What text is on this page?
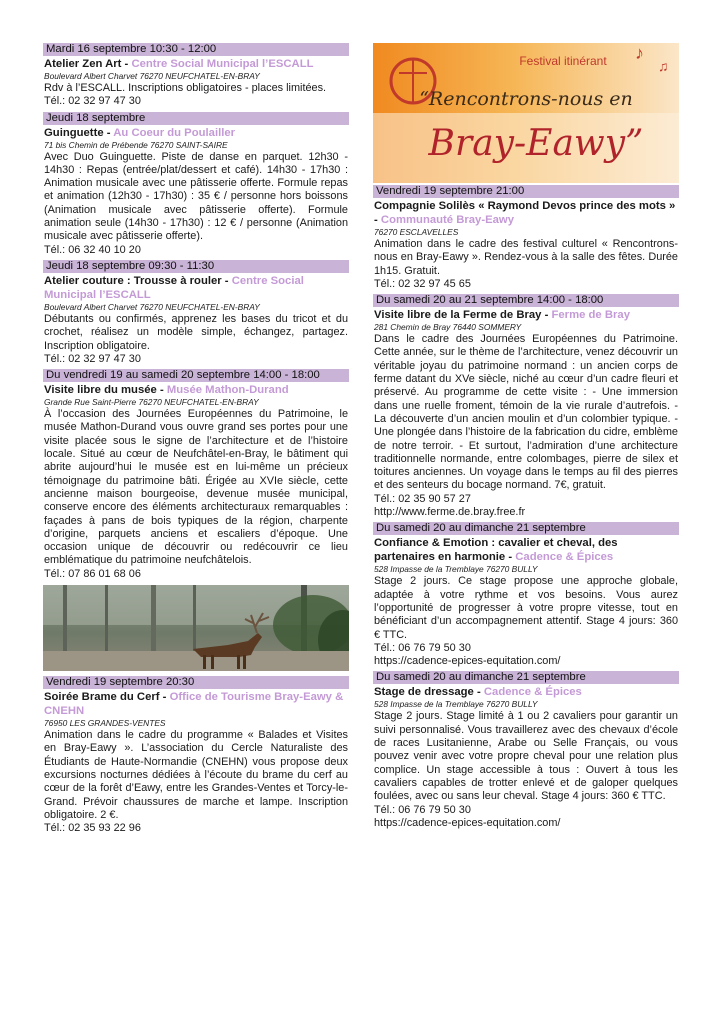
Mardi 16 septembre 10:30 - 12:00
Atelier Zen Art - Centre Social Municipal l’ESCALL
Boulevard Albert Charvet 76270 NEUFCHATEL-EN-BRAY
Rdv à l’ESCALL. Inscriptions obligatoires - places limitées.
Tél.: 02 32 97 47 30
Jeudi 18 septembre
Guinguette - Au Coeur du Poulailler
71 bis Chemin de Prébende 76270 SAINT-SAIRE
Avec Duo Guinguette. Piste de danse en parquet. 12h30 - 14h30 : Repas (entrée/plat/dessert et café). 14h30 - 17h30 : Animation musicale avec une pâtisserie offerte. Formule repas et animation (12h30 - 17h30) : 35 € / personne hors boissons (Animation musicale avec pâtisserie offerte). Formule animation seule (14h30 - 17h30) : 12 € / personne (Animation musicale avec pâtisserie offerte).
Tél.: 06 32 40 10 20
Jeudi 18 septembre 09:30 - 11:30
Atelier couture : Trousse à rouler - Centre Social Municipal l’ESCALL
Boulevard Albert Charvet 76270 NEUFCHATEL-EN-BRAY
Débutants ou confirmés, apprenez les bases du tricot et du crochet, réalisez un modèle simple, échangez, partagez. Inscription obligatoire.
Tél.: 02 32 97 47 30
Du vendredi 19 au samedi 20 septembre 14:00 - 18:00
Visite libre du musée - Musée Mathon-Durand
Grande Rue Saint-Pierre 76270 NEUFCHATEL-EN-BRAY
À l’occasion des Journées Européennes du Patrimoine, le musée Mathon-Durand vous ouvre grand ses portes pour une visite placée sous le signe de l’architecture et de l’histoire locale. Situé au cœur de Neufchâtel-en-Bray, le bâtiment qui abrite aujourd’hui le musée est en lui-même un précieux témoignage du patrimoine bâti. Érigée au XVIe siècle, cette ancienne maison bourgeoise, devenue musée municipal, conserve encore des éléments architecturaux remarquables : façades à pans de bois typiques de la région, charpente d’origine, parquets anciens et escaliers d’époque. Une occasion unique de découvrir ou redécouvrir ce lieu emblématique du patrimoine neufchâtelois.
Tél.: 07 86 01 68 06
Vendredi 19 septembre 20:30
Soirée Brame du Cerf - Office de Tourisme Bray-Eawy & CNEHN
76950 LES GRANDES-VENTES
Animation dans le cadre du programme « Balades et Visites en Bray-Eawy ». L’association du Cercle Naturaliste des Étudiants de Haute-Normandie (CNEHN) vous propose deux excursions nocturnes dédiées à l’écoute du brame du cerf au cœur de la forêt d’Eawy, entre les Grandes-Ventes et Torcy-le-Grand. Prévoir chaussures de marche et lampe. Inscription obligatoire. 2 €.
Tél.: 02 35 93 22 96
♪
♫
Festival itinérant
“Rencontrons-nous en
Bray-Eawy”
Vendredi 19 septembre 21:00
Compagnie Solilès « Raymond Devos prince des mots » - Communauté Bray-Eawy
76270 ESCLAVELLES
Animation dans le cadre des festival culturel « Rencontrons-nous en Bray-Eawy ». Rendez-vous à la salle des fêtes. Durée 1h15. Gratuit.
Tél.: 02 32 97 45 65
Du samedi 20 au 21 septembre 14:00 - 18:00
Visite libre de la Ferme de Bray - Ferme de Bray
281 Chemin de Bray 76440 SOMMERY
Dans le cadre des Journées Européennes du Patrimoine. Cette année, sur le thème de l’architecture, venez découvrir un véritable joyau du patrimoine normand : un ancien corps de ferme datant du XVe siècle, niché au cœur d’un cadre fleuri et préservé. Au programme de cette visite : - Une immersion dans une ruelle froment, témoin de la vie rurale d’autrefois. - La découverte d’un ancien moulin et d’un colombier typique. - Une plongée dans l’histoire de la fabrication du cidre, emblème de notre terroir. - Et surtout, l’admiration d’une architecture traditionnelle normande, entre colombages, pierre de silex et toitures anciennes. Un voyage dans le temps au fil des pierres et des senteurs du bocage normand. 7€, gratuit.
Tél.: 02 35 90 57 27
http://www.ferme.de.bray.free.fr
Du samedi 20 au dimanche 21 septembre
Confiance & Emotion : cavalier et cheval, des partenaires en harmonie - Cadence & Épices
528 Impasse de la Tremblaye 76270 BULLY
Stage 2 jours. Ce stage propose une approche globale, adaptée à votre rythme et vos besoins. Vous aurez l’opportunité de progresser à votre propre vitesse, tout en bénéficiant d’un accompagnement attentif. Stage 4 jours: 360 € TTC.
Tél.: 06 76 79 50 30
https://cadence-epices-equitation.com/
Du samedi 20 au dimanche 21 septembre
Stage de dressage - Cadence & Épices
528 Impasse de la Tremblaye 76270 BULLY
Stage 2 jours. Stage limité à 1 ou 2 cavaliers pour garantir un suivi personnalisé. Vous travaillerez avec des chevaux d’école de races Lusitanienne, Arabe ou Selle Français, ou vous pouvez venir avec votre propre cheval pour une relation plus complice. Un stage accessible à tous : Ouvert à tous les cavaliers capables de trotter enlevé et de galoper quelques foulées, avec ou sans leur cheval. Stage 4 jours: 360 € TTC.
Tél.: 06 76 79 50 30
https://cadence-epices-equitation.com/
